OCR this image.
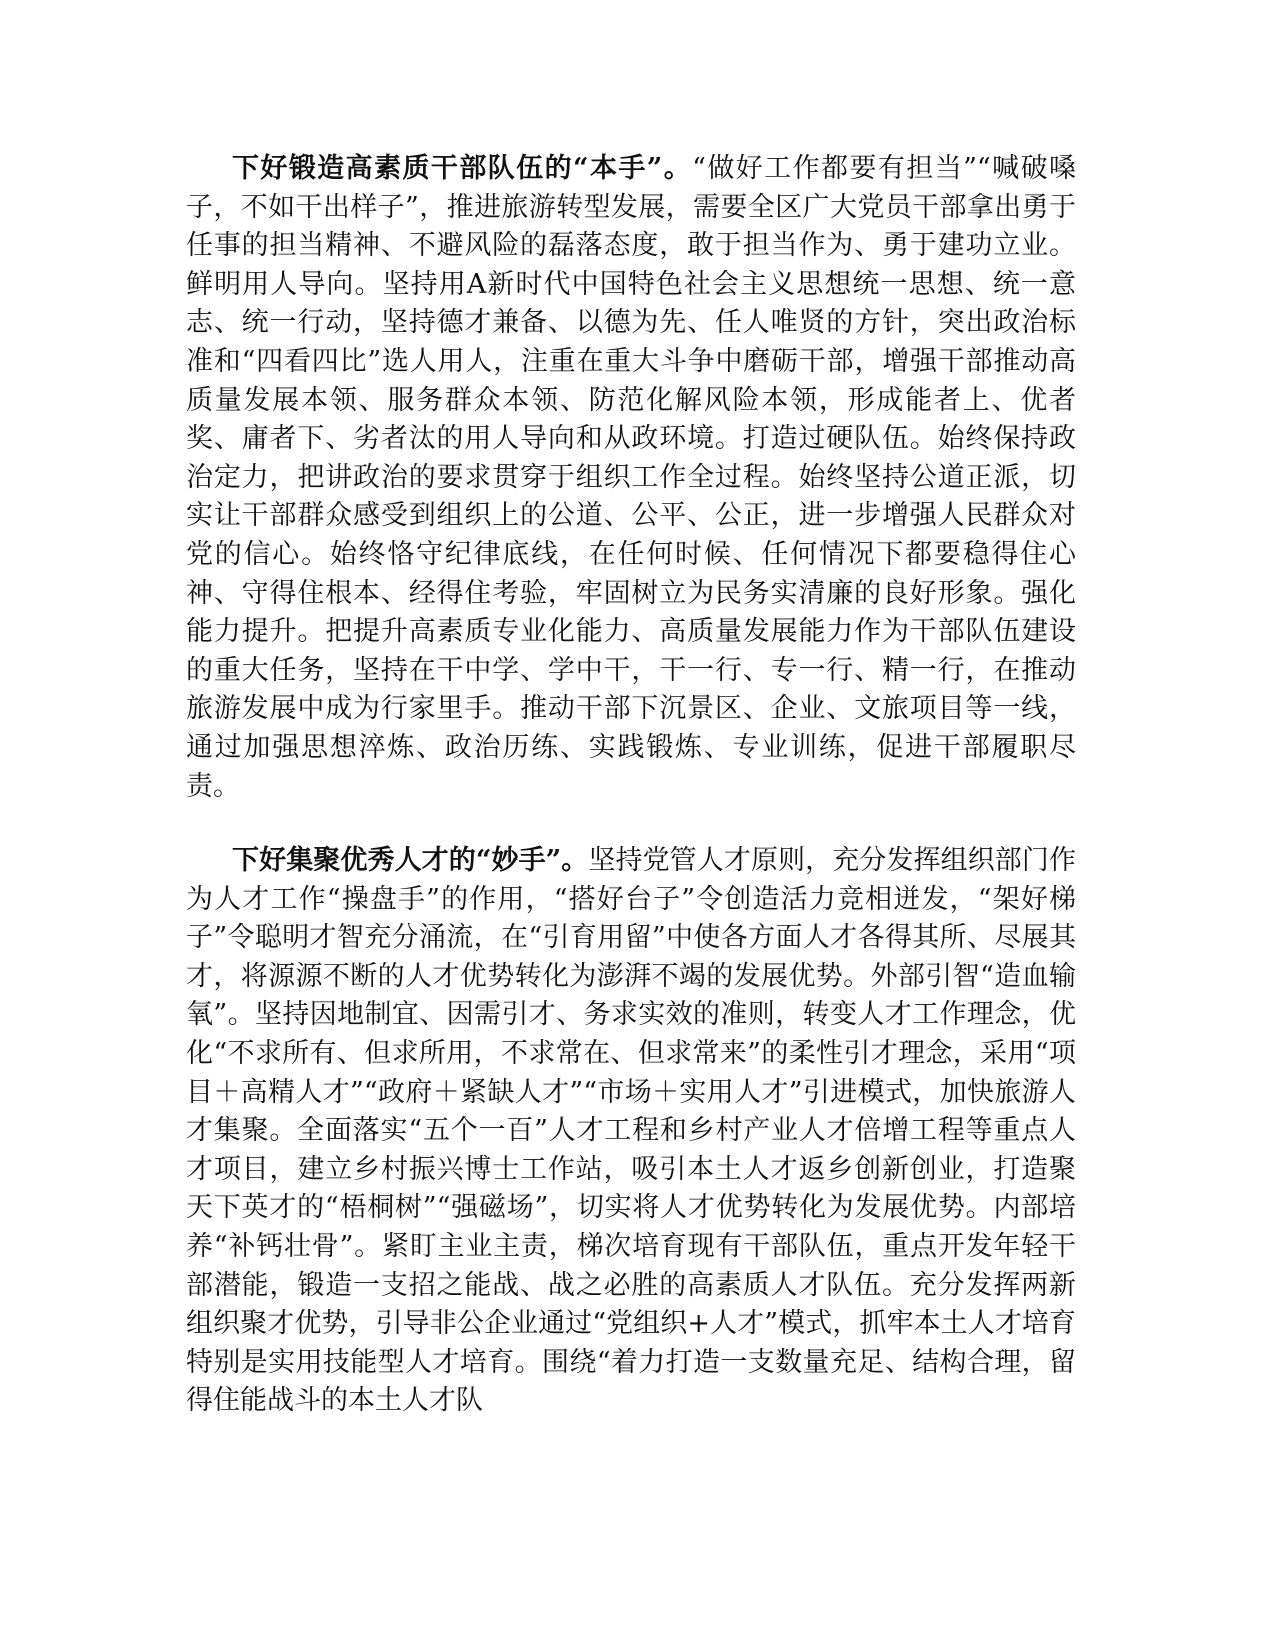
下好锻造高素质干部队伍的“本手”。“做好工作都要有担当”“喊破嗓子，不如干出样子”，推进旅游转型发展，需要全区广大党员干部拿出勇于任事的担当精神、不避风险的磊落态度，敢于担当作为、勇于建功立业。鲜明用人导向。坚持用A新时代中国特色社会主义思想统一思想、统一意志、统一行动，坚持德才兼备、以德为先、任人唯贤的方针，突出政治标准和“四看四比”选人用人，注重在重大斗争中磨砺干部，增强干部推动高质量发展本领、服务群众本领、防范化解风险本领，形成能者上、优者奖、庸者下、劣者汰的用人导向和从政环境。打造过硬队伍。始终保持政治定力，把讲政治的要求贯穿于组织工作全过程。始终坚持公道正派，切实让干部群众感受到组织上的公道、公平、公正，进一步增强人民群众对党的信心。始终恪守纪律底线，在任何时候、任何情况下都要稳得住心神、守得住根本、经得住考验，牢固树立为民务实清廉的良好形象。强化能力提升。把提升高素质专业化能力、高质量发展能力作为干部队伍建设的重大任务，坚持在干中学、学中干，干一行、专一行、精一行，在推动旅游发展中成为行家里手。推动干部下沉景区、企业、文旅项目等一线，通过加强思想淬炼、政治历练、实践锻炼、专业训练，促进干部履职尽责。
下好集聚优秀人才的“妙手”。坚持党管人才原则，充分发挥组织部门作为人才工作“操盘手”的作用，“搭好台子”令创造活力竞相迸发，“架好梯子”令聪明才智充分涌流，在“引育用留”中使各方面人才各得其所、尽展其才，将源源不断的人才优势转化为澎湃不竭的发展优势。外部引智“造血输氧”。坚持因地制宜、因需引才、务求实效的准则，转变人才工作理念，优化“不求所有、但求所用，不求常在、但求常来”的柔性引才理念，采用“项目＋高精人才”“政府＋紧缺人才”“市场＋实用人才”引进模式，加快旅游人才集聚。全面落实“五个一百”人才工程和乡村产业人才倍增工程等重点人才项目，建立乡村振兴博士工作站，吸引本土人才返乡创新创业，打造聚天下英才的“梧桐树”“强磁场”，切实将人才优势转化为发展优势。内部培养“补钙壮骨”。紧盯主业主责，梯次培育现有干部队伍，重点开发年轻干部潜能，锻造一支招之能战、战之必胜的高素质人才队伍。充分发挥两新组织聚才优势，引导非公企业通过“党组织+人才”模式，抓牢本土人才培育特别是实用技能型人才培育。围绕“着力打造一支数量充足、结构合理，留得住能战斗的本土人才队
